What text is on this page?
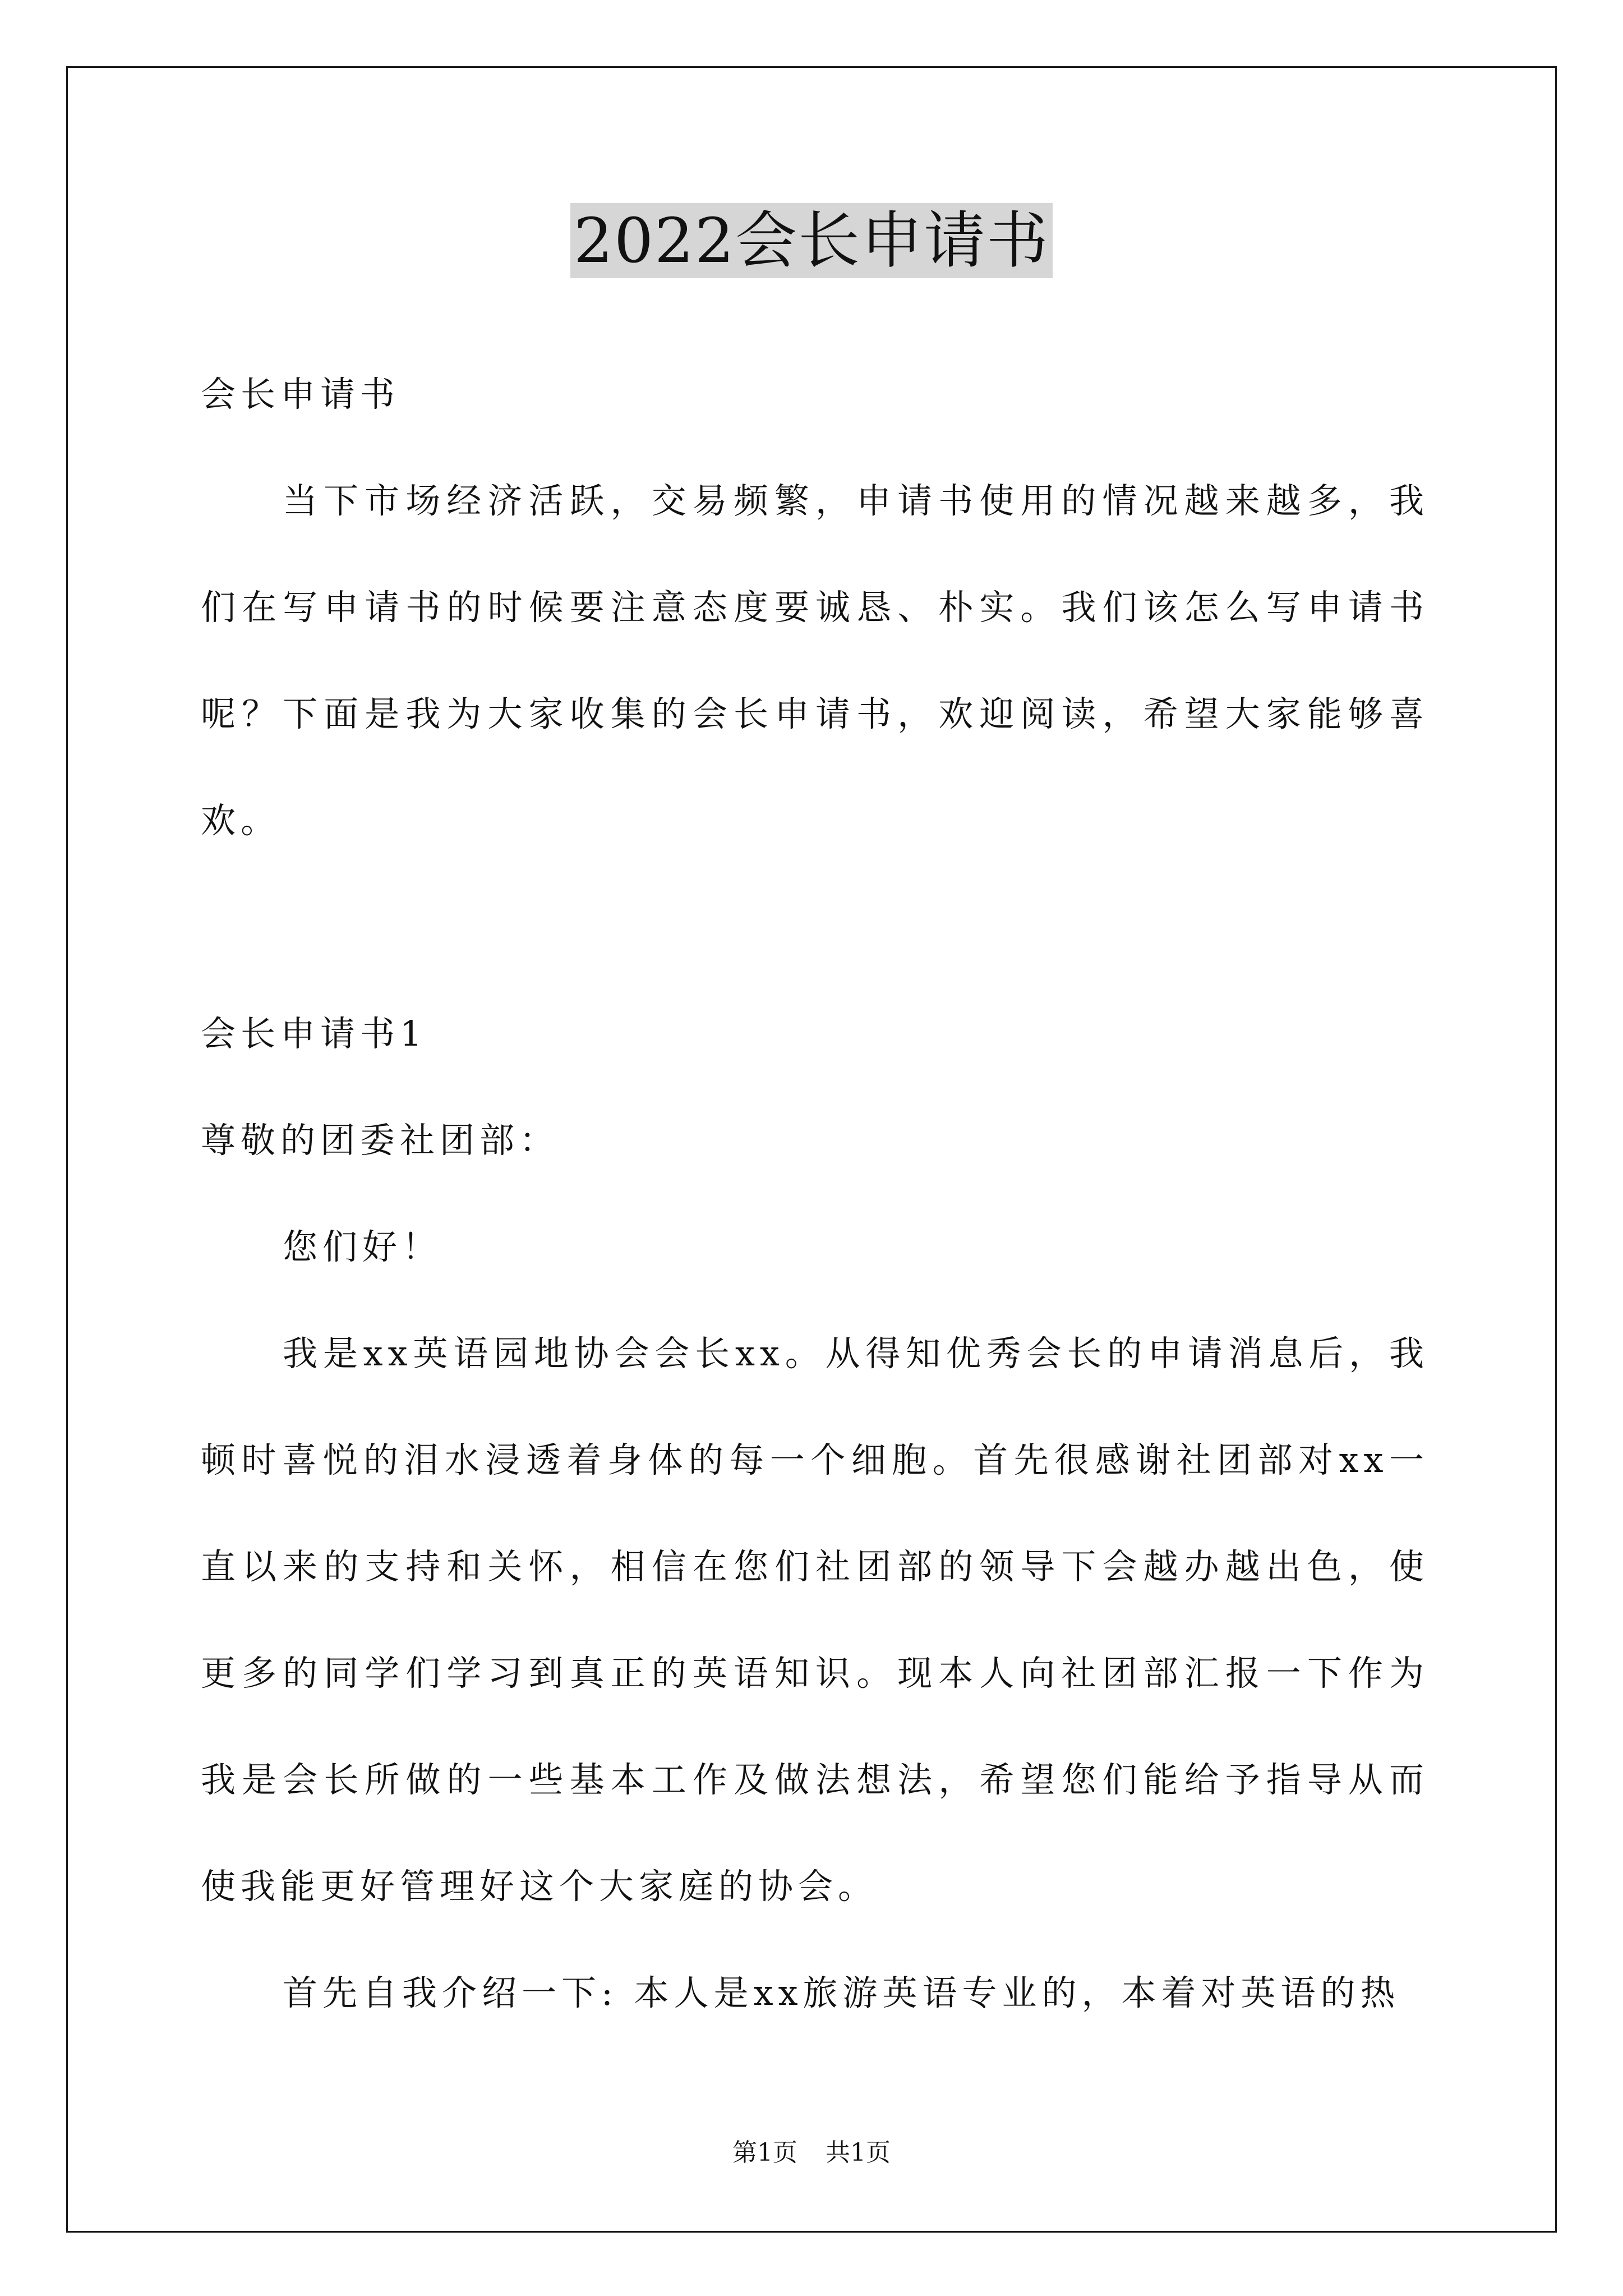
2022会长申请书

会长申请书

当下市场经济活跃，交易频繁，申请书使用的情况越来越多，我们在写申请书的时候要注意态度要诚恳、朴实。我们该怎么写申请书呢？下面是我为大家收集的会长申请书，欢迎阅读，希望大家能够喜欢。

会长申请书1

尊敬的团委社团部：

您们好！

我是xx英语园地协会会长xx。从得知优秀会长的申请消息后，我顿时喜悦的泪水浸透着身体的每一个细胞。首先很感谢社团部对xx一直以来的支持和关怀，相信在您们社团部的领导下会越办越出色，使更多的同学们学习到真正的英语知识。现本人向社团部汇报一下作为我是会长所做的一些基本工作及做法想法，希望您们能给予指导从而使我能更好管理好这个大家庭的协会。

首先自我介绍一下: 本人是xx旅游英语专业的，本着对英语的热

第1页 共1页
